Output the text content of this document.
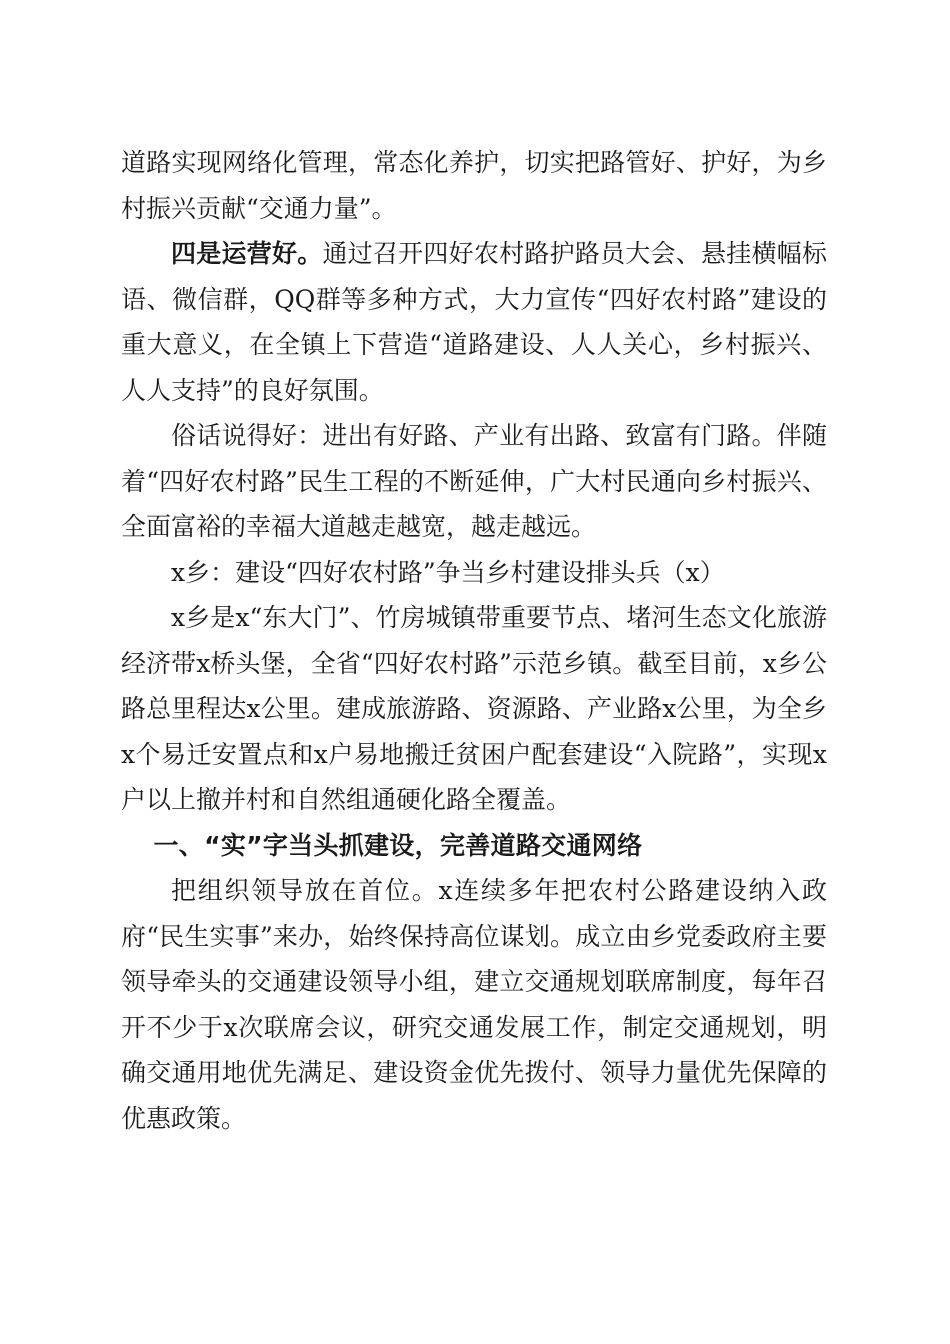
道路实现网络化管理，常态化养护，切实把路管好、护好，为乡村振兴贡献“交通力量”。

四是运营好。通过召开四好农村路护路员大会、悬挂横幅标语、微信群，QQ群等多种方式，大力宣传“四好农村路”建设的重大意义，在全镇上下营造“道路建设、人人关心，乡村振兴、人人支持”的良好氛围。

俗话说得好：进出有好路、产业有出路、致富有门路。伴随着“四好农村路”民生工程的不断延伸，广大村民通向乡村振兴、全面富裕的幸福大道越走越宽，越走越远。

x乡：建设“四好农村路”争当乡村建设排头兵（x）

x乡是x“东大门”、竹房城镇带重要节点、堵河生态文化旅游经济带x桥头堡，全省“四好农村路”示范乡镇。截至目前，x乡公路总里程达x公里。建成旅游路、资源路、产业路x公里，为全乡x个易迁安置点和x户易地搬迁贫困户配套建设“入院路”，实现x户以上撤并村和自然组通硬化路全覆盖。

一、“实”字当头抓建设，完善道路交通网络

把组织领导放在首位。x连续多年把农村公路建设纳入政府“民生实事”来办，始终保持高位谋划。成立由乡党委政府主要领导牵头的交通建设领导小组，建立交通规划联席制度，每年召开不少于x次联席会议，研究交通发展工作，制定交通规划，明确交通用地优先满足、建设资金优先拨付、领导力量优先保障的优惠政策。
